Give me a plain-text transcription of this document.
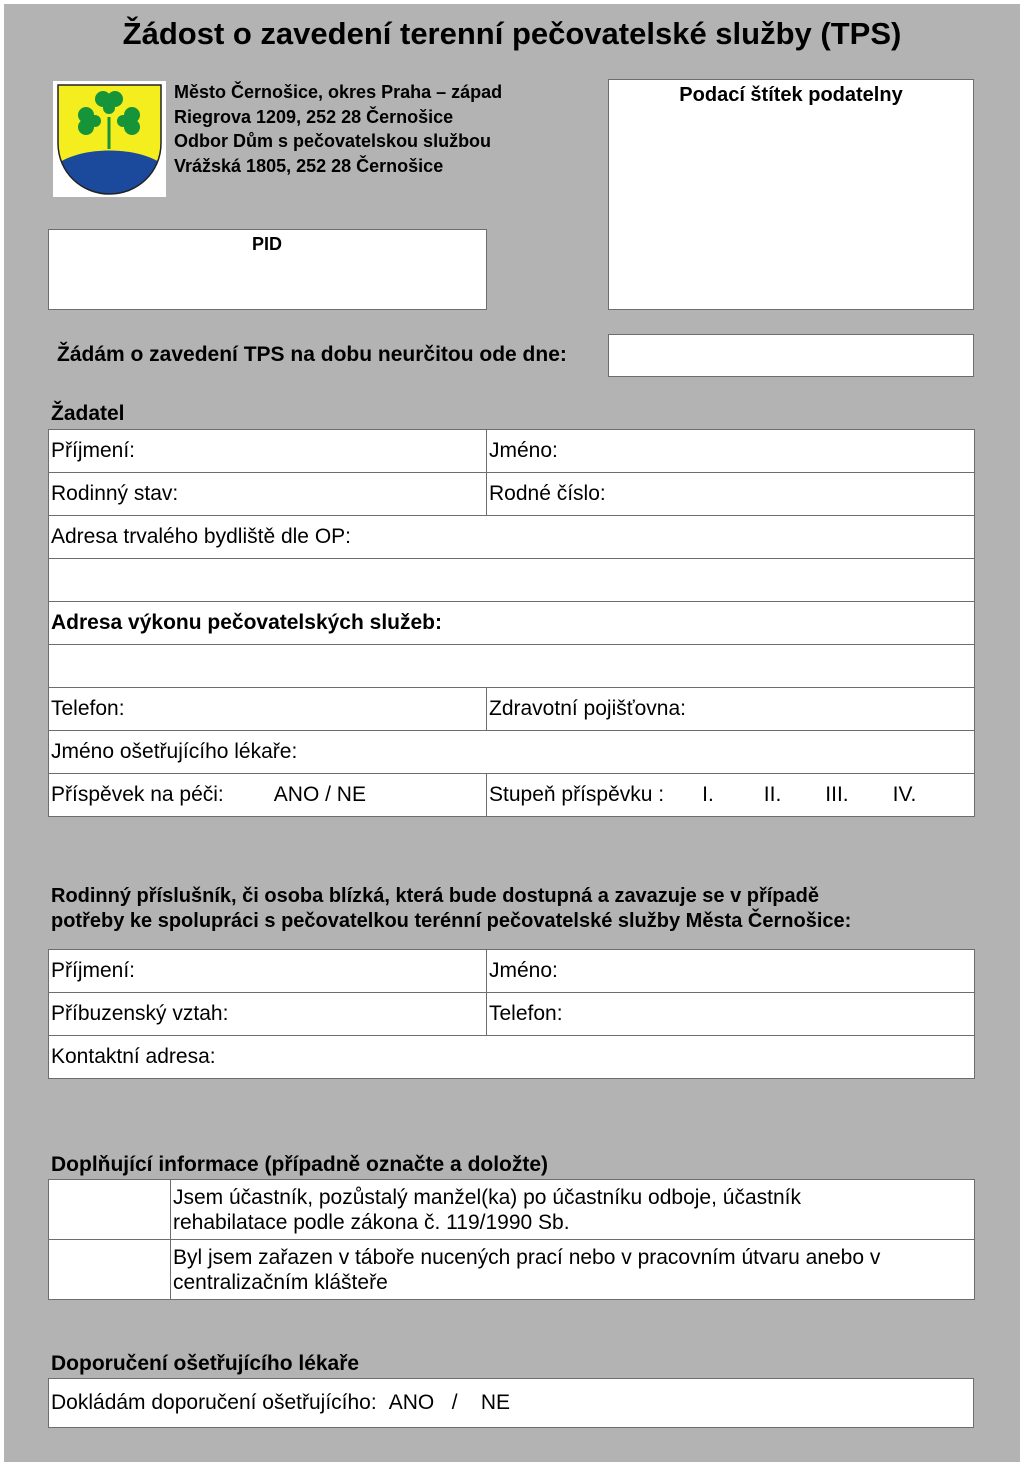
Žádost o zavedení terenní pečovatelské služby (TPS)
Město Černošice, okres Praha – západ
Riegrova 1209, 252 28 Černošice
Odbor Dům s pečovatelskou službou
Vrážská 1805, 252 28 Černošice
Podací štítek podatelny
PID
Žádám o zavedení TPS na dobu neurčitou ode dne:
Žadatel
Příjmení:	Jméno:
Rodinný stav:	Rodné číslo:
Adresa trvalého bydliště dle OP:	

Adresa výkonu pečovatelských služeb:	

Telefon:	Zdravotní pojišťovna:
Jméno ošetřujícího lékaře:	
Příspěvek na péči: ANO / NE	Stupeň příspěvku : I. II. III. IV.
Rodinný příslušník, či osoba blízká, která bude dostupná a zavazuje se v případě
potřeby ke spolupráci s pečovatelkou terénní pečovatelské služby Města Černošice:
Příjmení:	Jméno:
Příbuzenský vztah:	Telefon:
Kontaktní adresa:	
Doplňující informace (případně označte a doložte)

	Jsem účastník, pozůstalý manžel(ka) po účastníku odboje, účastník
rehabilatace podle zákona č. 119/1990 Sb.

	Byl jsem zařazen v táboře nucených prací nebo v pracovním útvaru anebo v
centralizačním klášteře
Doporučení ošetřujícího lékaře
Dokládám doporučení ošetřujícího: ANO   /    NE
